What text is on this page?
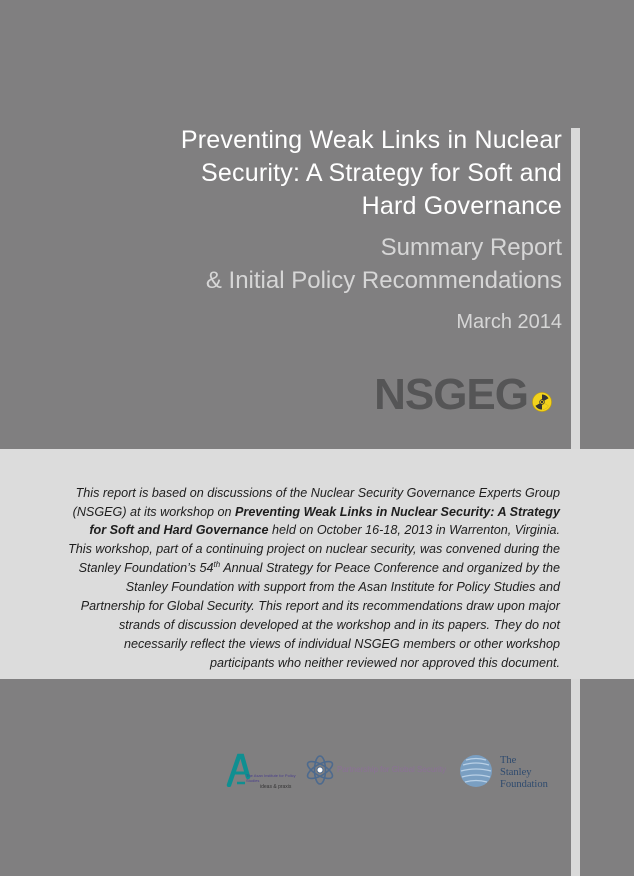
Preventing Weak Links in Nuclear
Security: A Strategy for Soft and
Hard Governance
Summary Report
& Initial Policy Recommendations
March 2014
NSGEG

This report is based on discussions of the Nuclear Security Governance Experts Group (NSGEG) at its workshop on Preventing Weak Links in Nuclear Security: A Strategy for Soft and Hard Governance held on October 16-18, 2013 in Warrenton, Virginia. This workshop, part of a continuing project on nuclear security, was convened during the Stanley Foundation’s 54th Annual Strategy for Peace Conference and organized by the Stanley Foundation with support from the Asan Institute for Policy Studies and Partnership for Global Security. This report and its recommendations draw upon major strands of discussion developed at the workshop and in its papers. They do not necessarily reflect the views of individual NSGEG members or other workshop participants who neither reviewed nor approved this document.

The Asan Institute for Policy Studies
ideas & praxis
Partnership for Global Security
The
Stanley
Foundation
